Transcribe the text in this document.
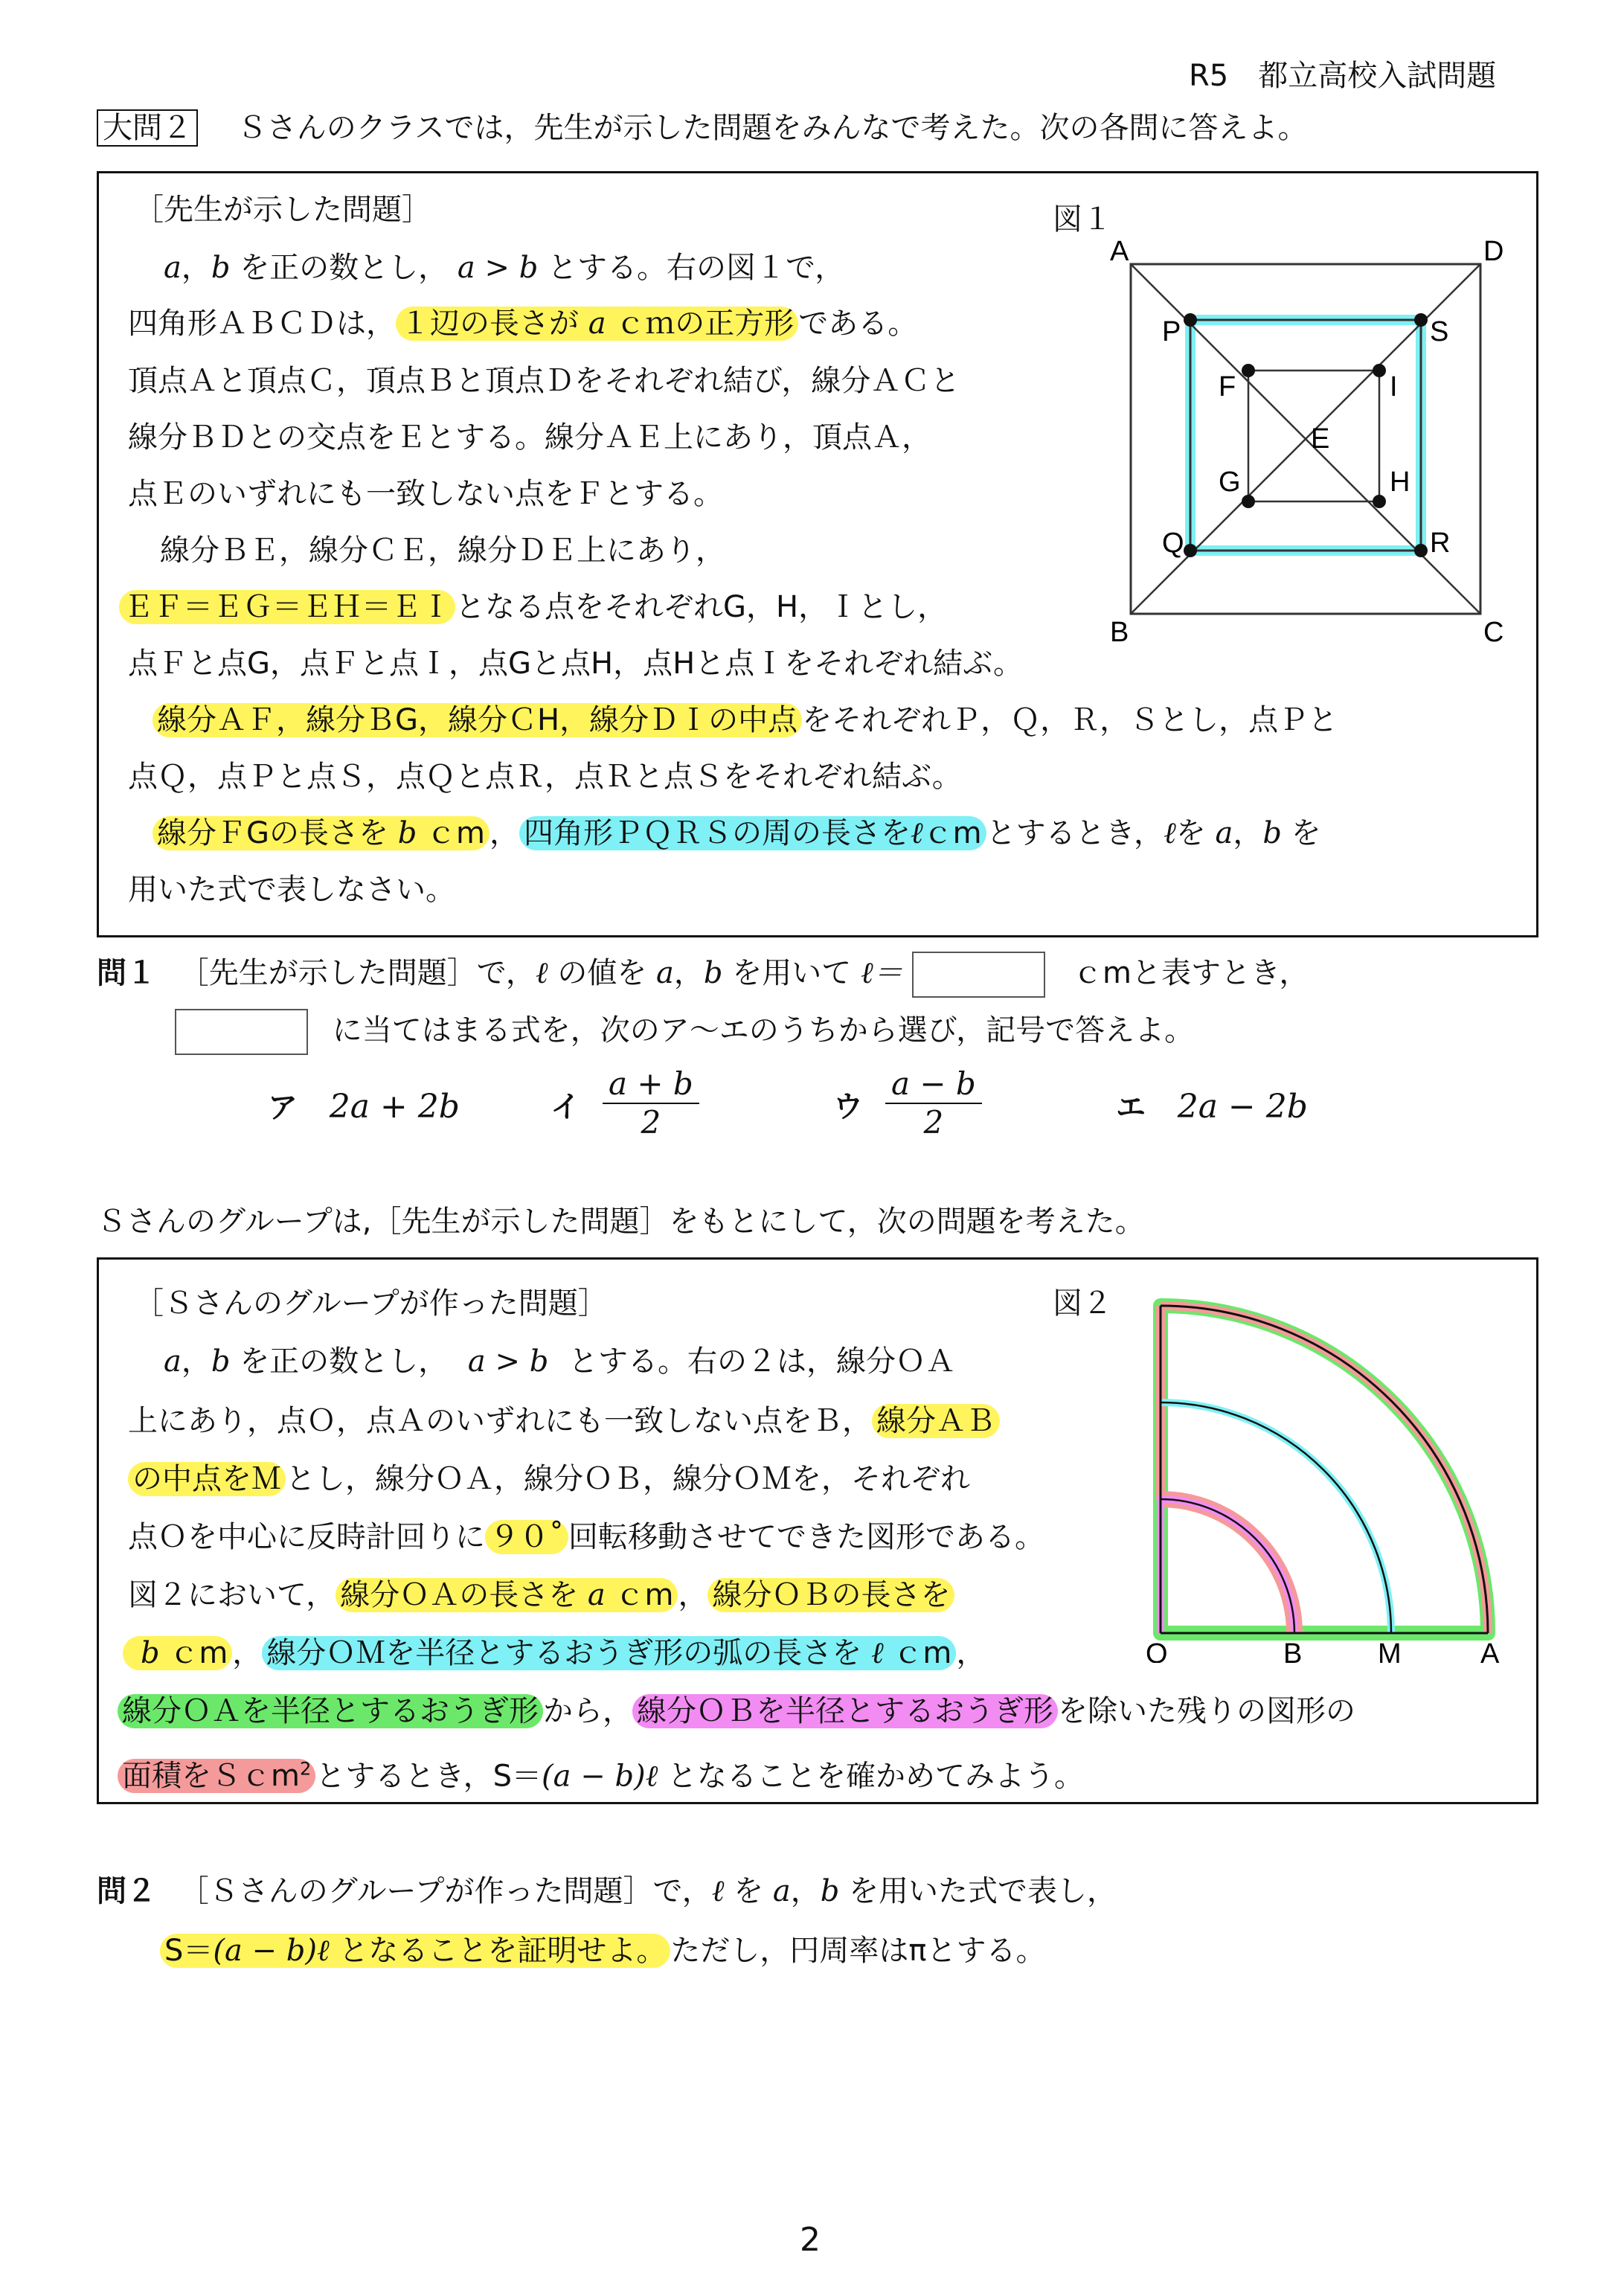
R5　都立高校入試問題
大問２ Ｓさんのクラスでは，先生が示した問題をみんなで考えた。次の各問に答えよ。
［先生が示した問題］	図１
a，b を正の数とし， a > b とする。右の図１で，
四角形ＡＢＣＤは， １辺の長さが a ｃｍの正方形 である。
頂点Ａと頂点Ｃ，頂点Ｂと頂点Ｄをそれぞれ結び，線分ＡＣと
線分ＢＤとの交点をＥとする。線分ＡＥ上にあり，頂点Ａ，
点Ｅのいずれにも一致しない点をＦとする。
線分ＢＥ，線分ＣＥ，線分ＤＥ上にあり，
ＥＦ＝ＥＧ＝ＥＨ＝ＥＩ となる点をそれぞれG，H，Ｉとし，
点Ｆと点G，点Ｆと点Ｉ，点Gと点H，点Hと点Ｉをそれぞれ結ぶ。
線分ＡＦ，線分ＢG，線分ＣH，線分ＤＩの中点 をそれぞれＰ，Ｑ，Ｒ，Ｓとし，点Ｐと
点Ｑ，点Ｐと点Ｓ，点Ｑと点Ｒ，点Ｒと点Ｓをそれぞれ結ぶ。
線分ＦGの長さを b ｃm ， 四角形ＰＱＲＳの周の長さをℓｃm とするとき，ℓを a，b を
用いた式で表しなさい。
A	D
B	C
P	S
Q	R
F	I
G	H
E
問１ ［先生が示した問題］で，ℓ の値を a，b を用いて ℓ＝	ｃmと表すとき，
に当てはまる式を，次のア～エのうちから選び，記号で答えよ。
ア 2a + 2b	イ $\frac{a + b}{2}$	ウ $\frac{a - b}{2}$	エ 2a − 2b
Ｓさんのグループは,［先生が示した問題］をもとにして，次の問題を考えた。
［Ｓさんのグループが作った問題］	図２
a，b を正の数とし， a > b とする。右の２は，線分ＯＡ
上にあり，点Ｏ，点Ａのいずれにも一致しない点をＢ， 線分ＡＢ
の中点をＭ とし，線分ＯＡ，線分ＯＢ，線分ＯＭを，それぞれ
点Ｏを中心に反時計回りに ９０˚ 回転移動させてできた図形である。
図２において， 線分ＯＡの長さを a ｃm ， 線分ＯＢの長さを
b ｃm ， 線分ＯＭを半径とするおうぎ形の弧の長さを ℓ ｃm ，
線分ＯＡを半径とするおうぎ形 から， 線分ＯＢを半径とするおうぎ形 を除いた残りの図形の
面積をＳｃm$^2$ とするとき，S＝(a − b)ℓ となることを確かめてみよう。
O	B	M	A
問２ ［Ｓさんのグループが作った問題］で，ℓ を a，b を用いた式で表し，
S＝(a − b)ℓ となることを証明せよ。 ただし，円周率はπとする。
2
